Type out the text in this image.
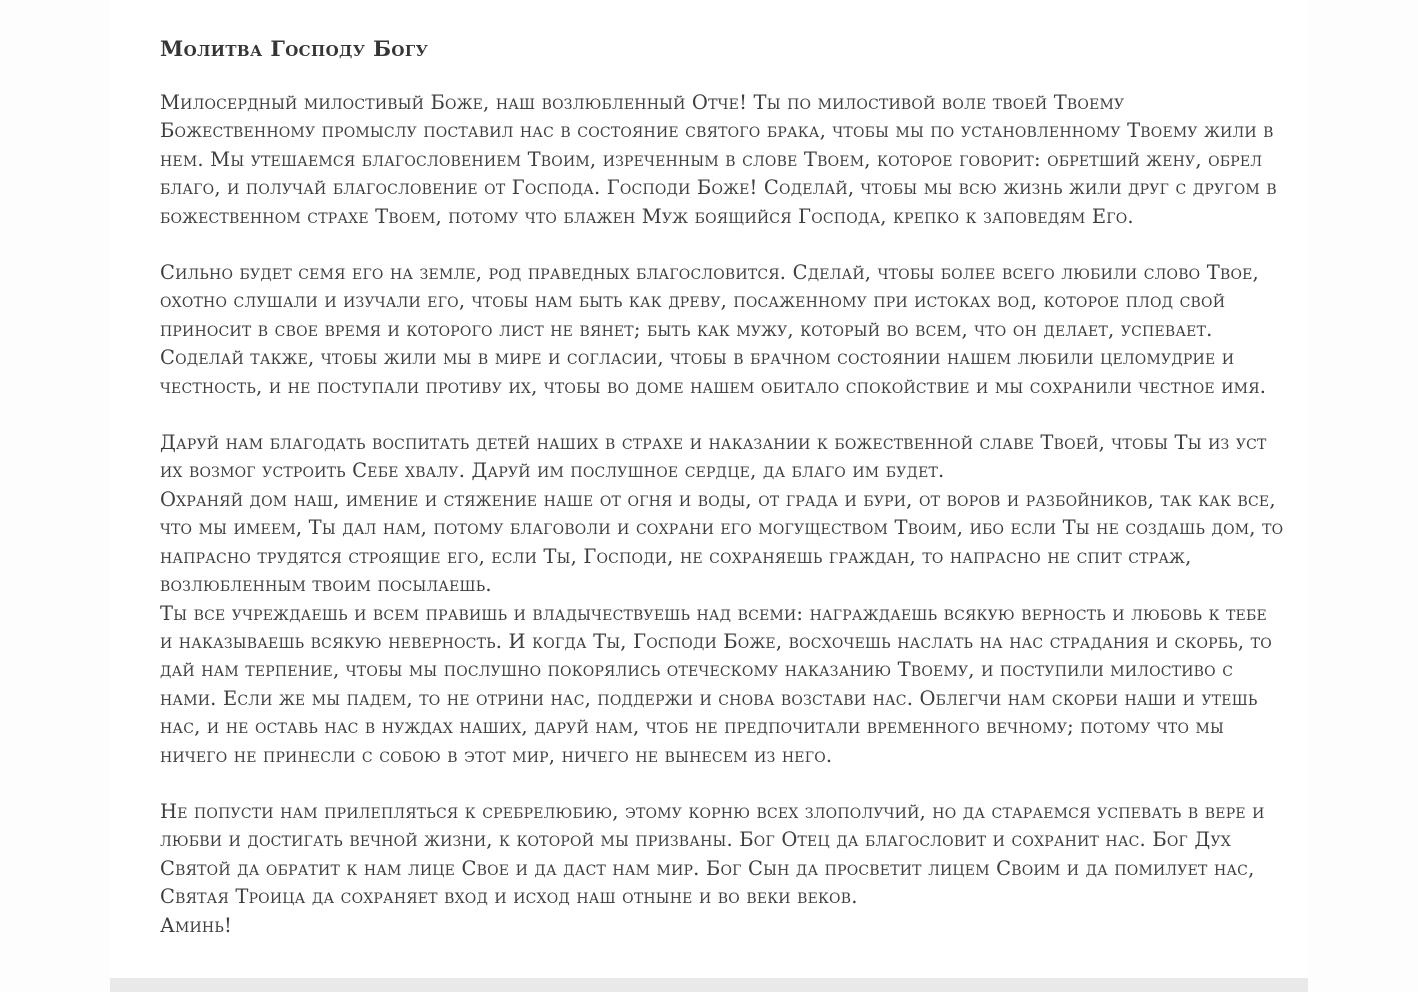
Молитва Господу Богу
Милосердный милостивый Боже, наш возлюбленный Отче! Ты по милостивой воле твоей Твоему Божественному промыслу поставил нас в состояние святого брака, чтобы мы по установленному Твоему жили в нем. Мы утешаемся благословением Твоим, изреченным в слове Твоем, которое говорит: обретший жену, обрел благо, и получай благословение от Господа. Господи Боже! Соделай, чтобы мы всю жизнь жили друг с другом в божественном страхе Твоем, потому что блажен Муж боящийся Господа, крепко к заповедям Его.
Сильно будет семя его на земле, род праведных благословится. Сделай, чтобы более всего любили слово Твое, охотно слушали и изучали его, чтобы нам быть как древу, посаженному при истоках вод, которое плод свой приносит в свое время и которого лист не вянет; быть как мужу, который во всем, что он делает, успевает. Соделай также, чтобы жили мы в мире и согласии, чтобы в брачном состоянии нашем любили целомудрие и честность, и не поступали противу их, чтобы во доме нашем обитало спокойствие и мы сохранили честное имя.
Даруй нам благодать воспитать детей наших в страхе и наказании к божественной славе Твоей, чтобы Ты из уст их возмог устроить Себе хвалу. Даруй им послушное сердце, да благо им будет.
Охраняй дом наш, имение и стяжение наше от огня и воды, от града и бури, от воров и разбойников, так как все, что мы имеем, Ты дал нам, потому благоволи и сохрани его могуществом Твоим, ибо если Ты не создашь дом, то напрасно трудятся строящие его, если Ты, Господи, не сохраняешь граждан, то напрасно не спит страж, возлюбленным твоим посылаешь.
Ты все учреждаешь и всем правишь и владычествуешь над всеми: награждаешь всякую верность и любовь к тебе и наказываешь всякую неверность. И когда Ты, Господи Боже, восхочешь наслать на нас страдания и скорбь, то дай нам терпение, чтобы мы послушно покорялись отеческому наказанию Твоему, и поступили милостиво с нами. Если же мы падем, то не отрини нас, поддержи и снова возстави нас. Облегчи нам скорби наши и утешь нас, и не оставь нас в нуждах наших, даруй нам, чтоб не предпочитали временного вечному; потому что мы ничего не принесли с собою в этот мир, ничего не вынесем из него.
Не попусти нам прилепляться к сребрелюбию, этому корню всех злополучий, но да стараемся успевать в вере и любви и достигать вечной жизни, к которой мы призваны. Бог Отец да благословит и сохранит нас. Бог Дух Святой да обратит к нам лице Свое и да даст нам мир. Бог Сын да просветит лицем Своим и да помилует нас, Святая Троица да сохраняет вход и исход наш отныне и во веки веков.
Аминь!
